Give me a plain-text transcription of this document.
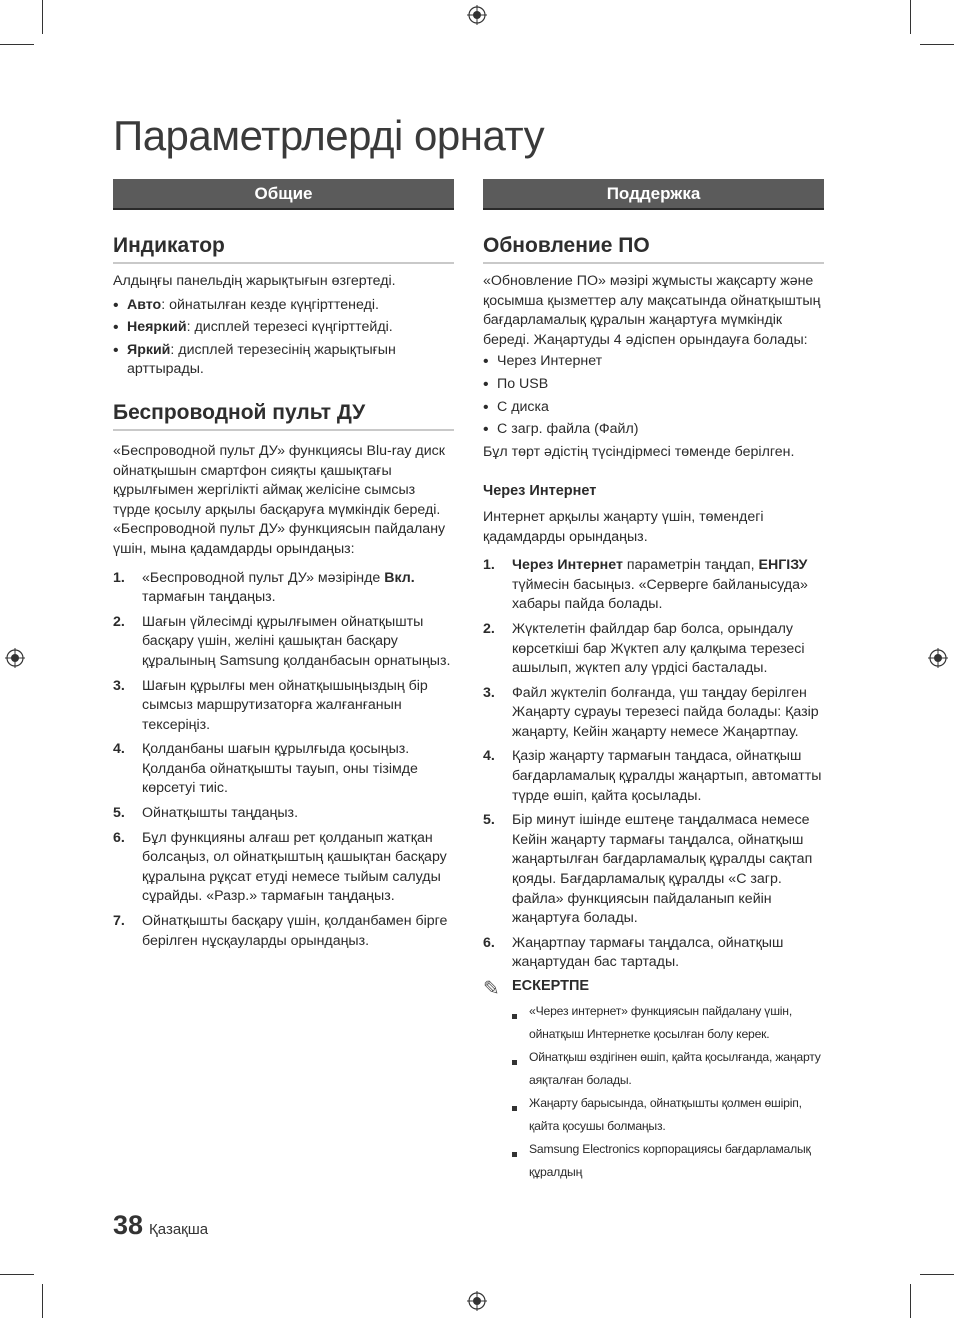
Параметрлерді орнату
Общие
Индикатор

Алдыңғы панельдің жарықтығын өзгертеді.

• Авто: ойнатылған кезде күңгірттенеді.
• Неяркий: дисплей терезесі күңгірттейді.
• Яркий: дисплей терезесінің жарықтығын арттырады.
Беспроводной пульт ДУ

«Беспроводной пульт ДУ» функциясы Blu-ray диск ойнатқышын смартфон сияқты қашықтағы құрылғымен жергілікті аймақ желісіне сымсыз түрде қосылу арқылы басқаруға мүмкіндік береді.

«Беспроводной пульт ДУ» функциясын пайдалану үшін, мына қадамдарды орындаңыз:

1. «Беспроводной пульт ДУ» мәзірінде Вкл. тармағын таңдаңыз.
2. Шағын үйлесімді құрылғымен ойнатқышты басқару үшін, желіні қашықтан басқару құралының Samsung қолданбасын орнатыңыз.
3. Шағын құрылғы мен ойнатқышыңыздың бір сымсыз маршрутизаторға жалғанғанын тексеріңіз.
4. Қолданбаны шағын құрылғыда қосыңыз. Қолданба ойнатқышты тауып, оны тізімде көрсетуі тиіс.
5. Ойнатқышты таңдаңыз.
6. Бұл функцияны алғаш рет қолданып жатқан болсаңыз, ол ойнатқыштың қашықтан басқару құралына рұқсат етуді немесе тыйым салуды сұрайды. «Разр.» тармағын таңдаңыз.
7. Ойнатқышты басқару үшін, қолданбамен бірге берілген нұсқауларды орындаңыз.
Поддержка
Обновление ПО

«Обновление ПО» мәзірі жұмысты жақсарту және қосымша қызметтер алу мақсатында ойнатқыштың бағдарламалық құралын жаңартуға мүмкіндік береді. Жаңартуды 4 әдіспен орындауға болады:

• Через Интернет
• По USB
• С диска
• С загр. файла (Файл)

Бұл төрт әдістің түсіндірмесі төменде берілген.

Через Интернет

Интернет арқылы жаңарту үшін, төмендегі қадамдарды орындаңыз.

1. Через Интернет параметрін таңдап, ЕНГІЗУ түймесін басыңыз. «Серверге байланысуда» хабары пайда болады.
2. Жүктелетін файлдар бар болса, орындалу көрсеткіші бар Жүктеп алу қалқыма терезесі ашылып, жүктеп алу үрдісі басталады.
3. Файл жүктеліп болғанда, үш таңдау берілген Жаңарту сұрауы терезесі пайда болады: Қазір жаңарту, Кейін жаңарту немесе Жаңартпау.
4. Қазір жаңарту тармағын таңдаса, ойнатқыш бағдарламалық құралды жаңартып, автоматты түрде өшіп, қайта қосылады.
5. Бір минут ішінде ештеңе таңдалмаса немесе Кейін жаңарту тармағы таңдалса, ойнатқыш жаңартылған бағдарламалық құралды сақтап қояды. Бағдарламалық құралды «С загр. файла» функциясын пайдаланып кейін жаңартуға болады.
6. Жаңартпау тармағы таңдалса, ойнатқыш жаңартудан бас тартады.
✎ ЕСКЕРТПЕ
«Через интернет» функциясын пайдалану үшін, ойнатқыш Интернетке қосылған болу керек.
Ойнатқыш өздігінен өшіп, қайта қосылғанда, жаңарту аяқталған болады.
Жаңарту барысында, ойнатқышты қолмен өшіріп, қайта қосушы болмаңыз.
Samsung Electronics корпорациясы бағдарламалық құралдың
38 Қазақша
